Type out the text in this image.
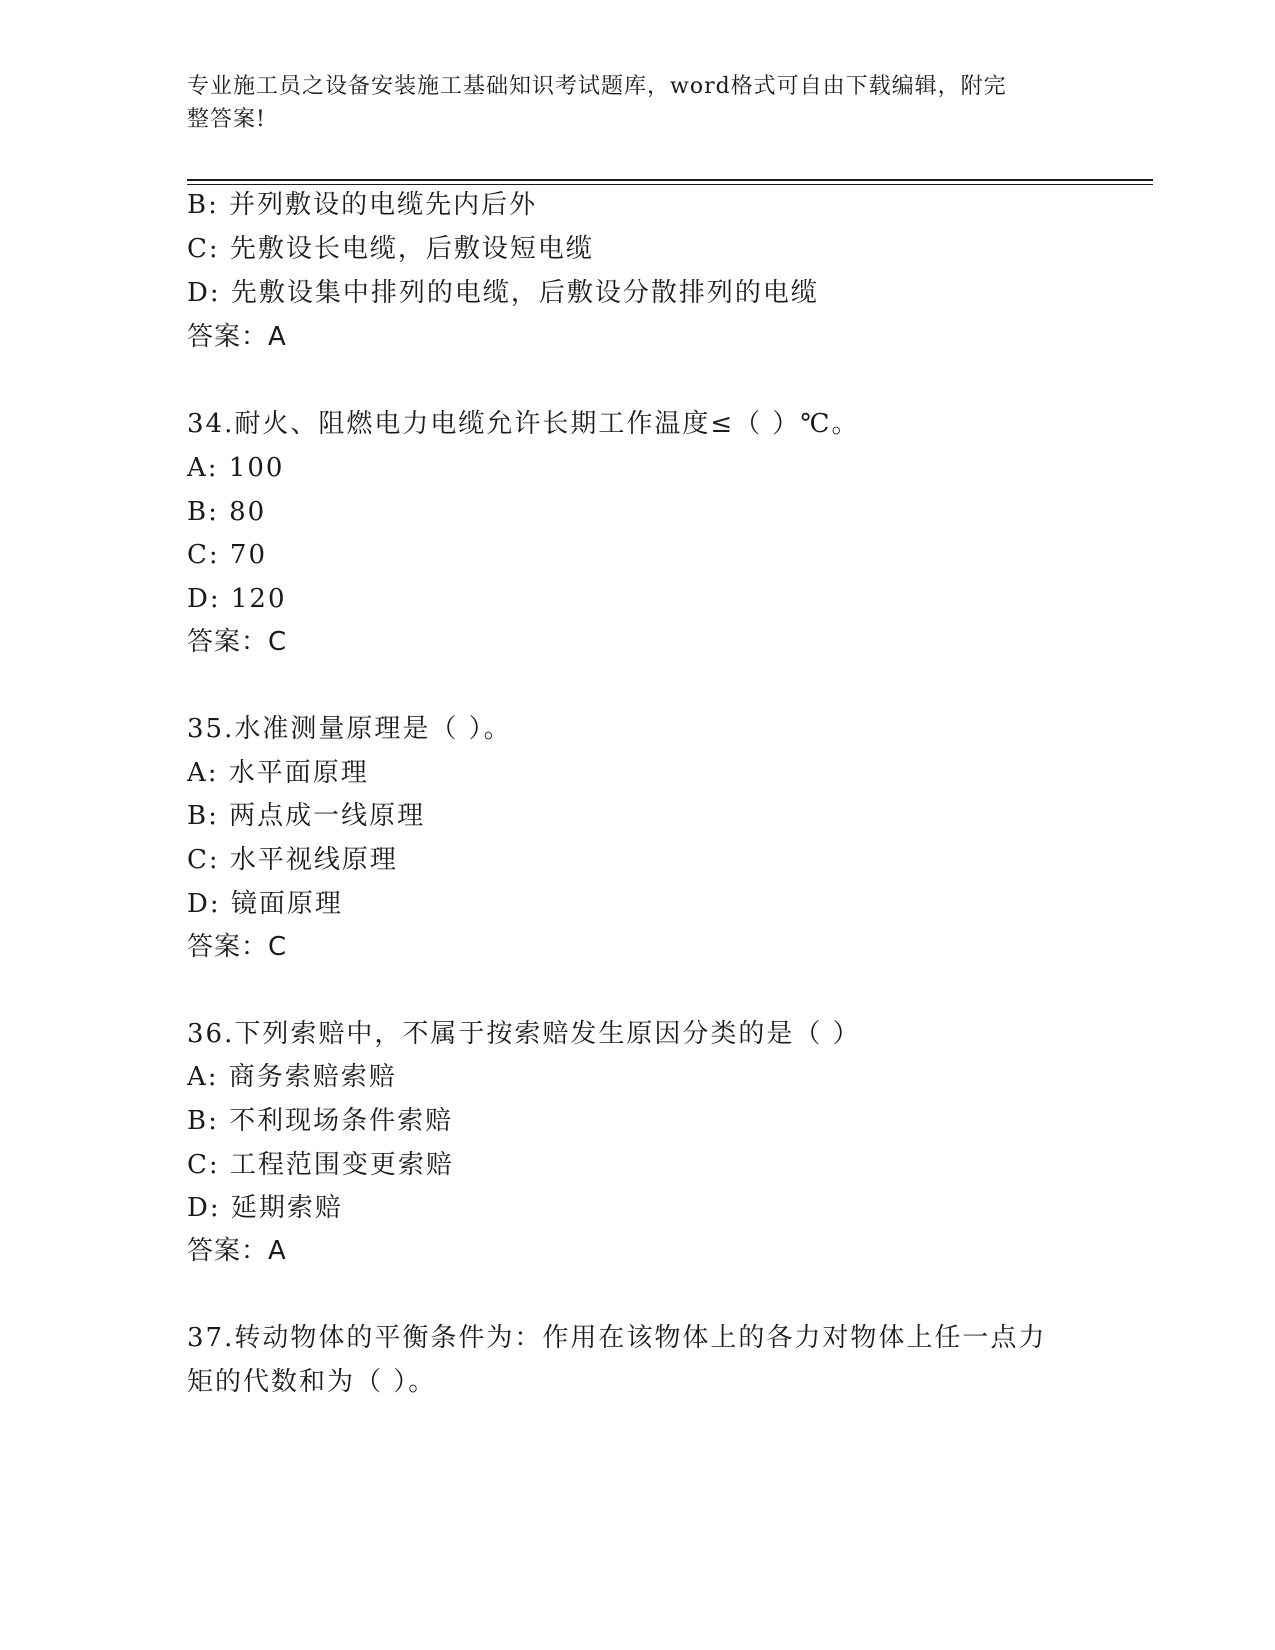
专业施工员之设备安装施工基础知识考试题库，word格式可自由下载编辑，附完
整答案!
B: 并列敷设的电缆先内后外
C: 先敷设长电缆，后敷设短电缆
D: 先敷设集中排列的电缆，后敷设分散排列的电缆
答案：A
34.耐火、阻燃电力电缆允许长期工作温度≤（ ）℃。
A: 100
B: 80
C: 70
D: 120
答案：C
35.水准测量原理是（ ）。
A: 水平面原理
B: 两点成一线原理
C: 水平视线原理
D: 镜面原理
答案：C
36.下列索赔中，不属于按索赔发生原因分类的是（ ）
A: 商务索赔索赔
B: 不利现场条件索赔
C: 工程范围变更索赔
D: 延期索赔
答案：A
37.转动物体的平衡条件为：作用在该物体上的各力对物体上任一点力
矩的代数和为（ ）。
